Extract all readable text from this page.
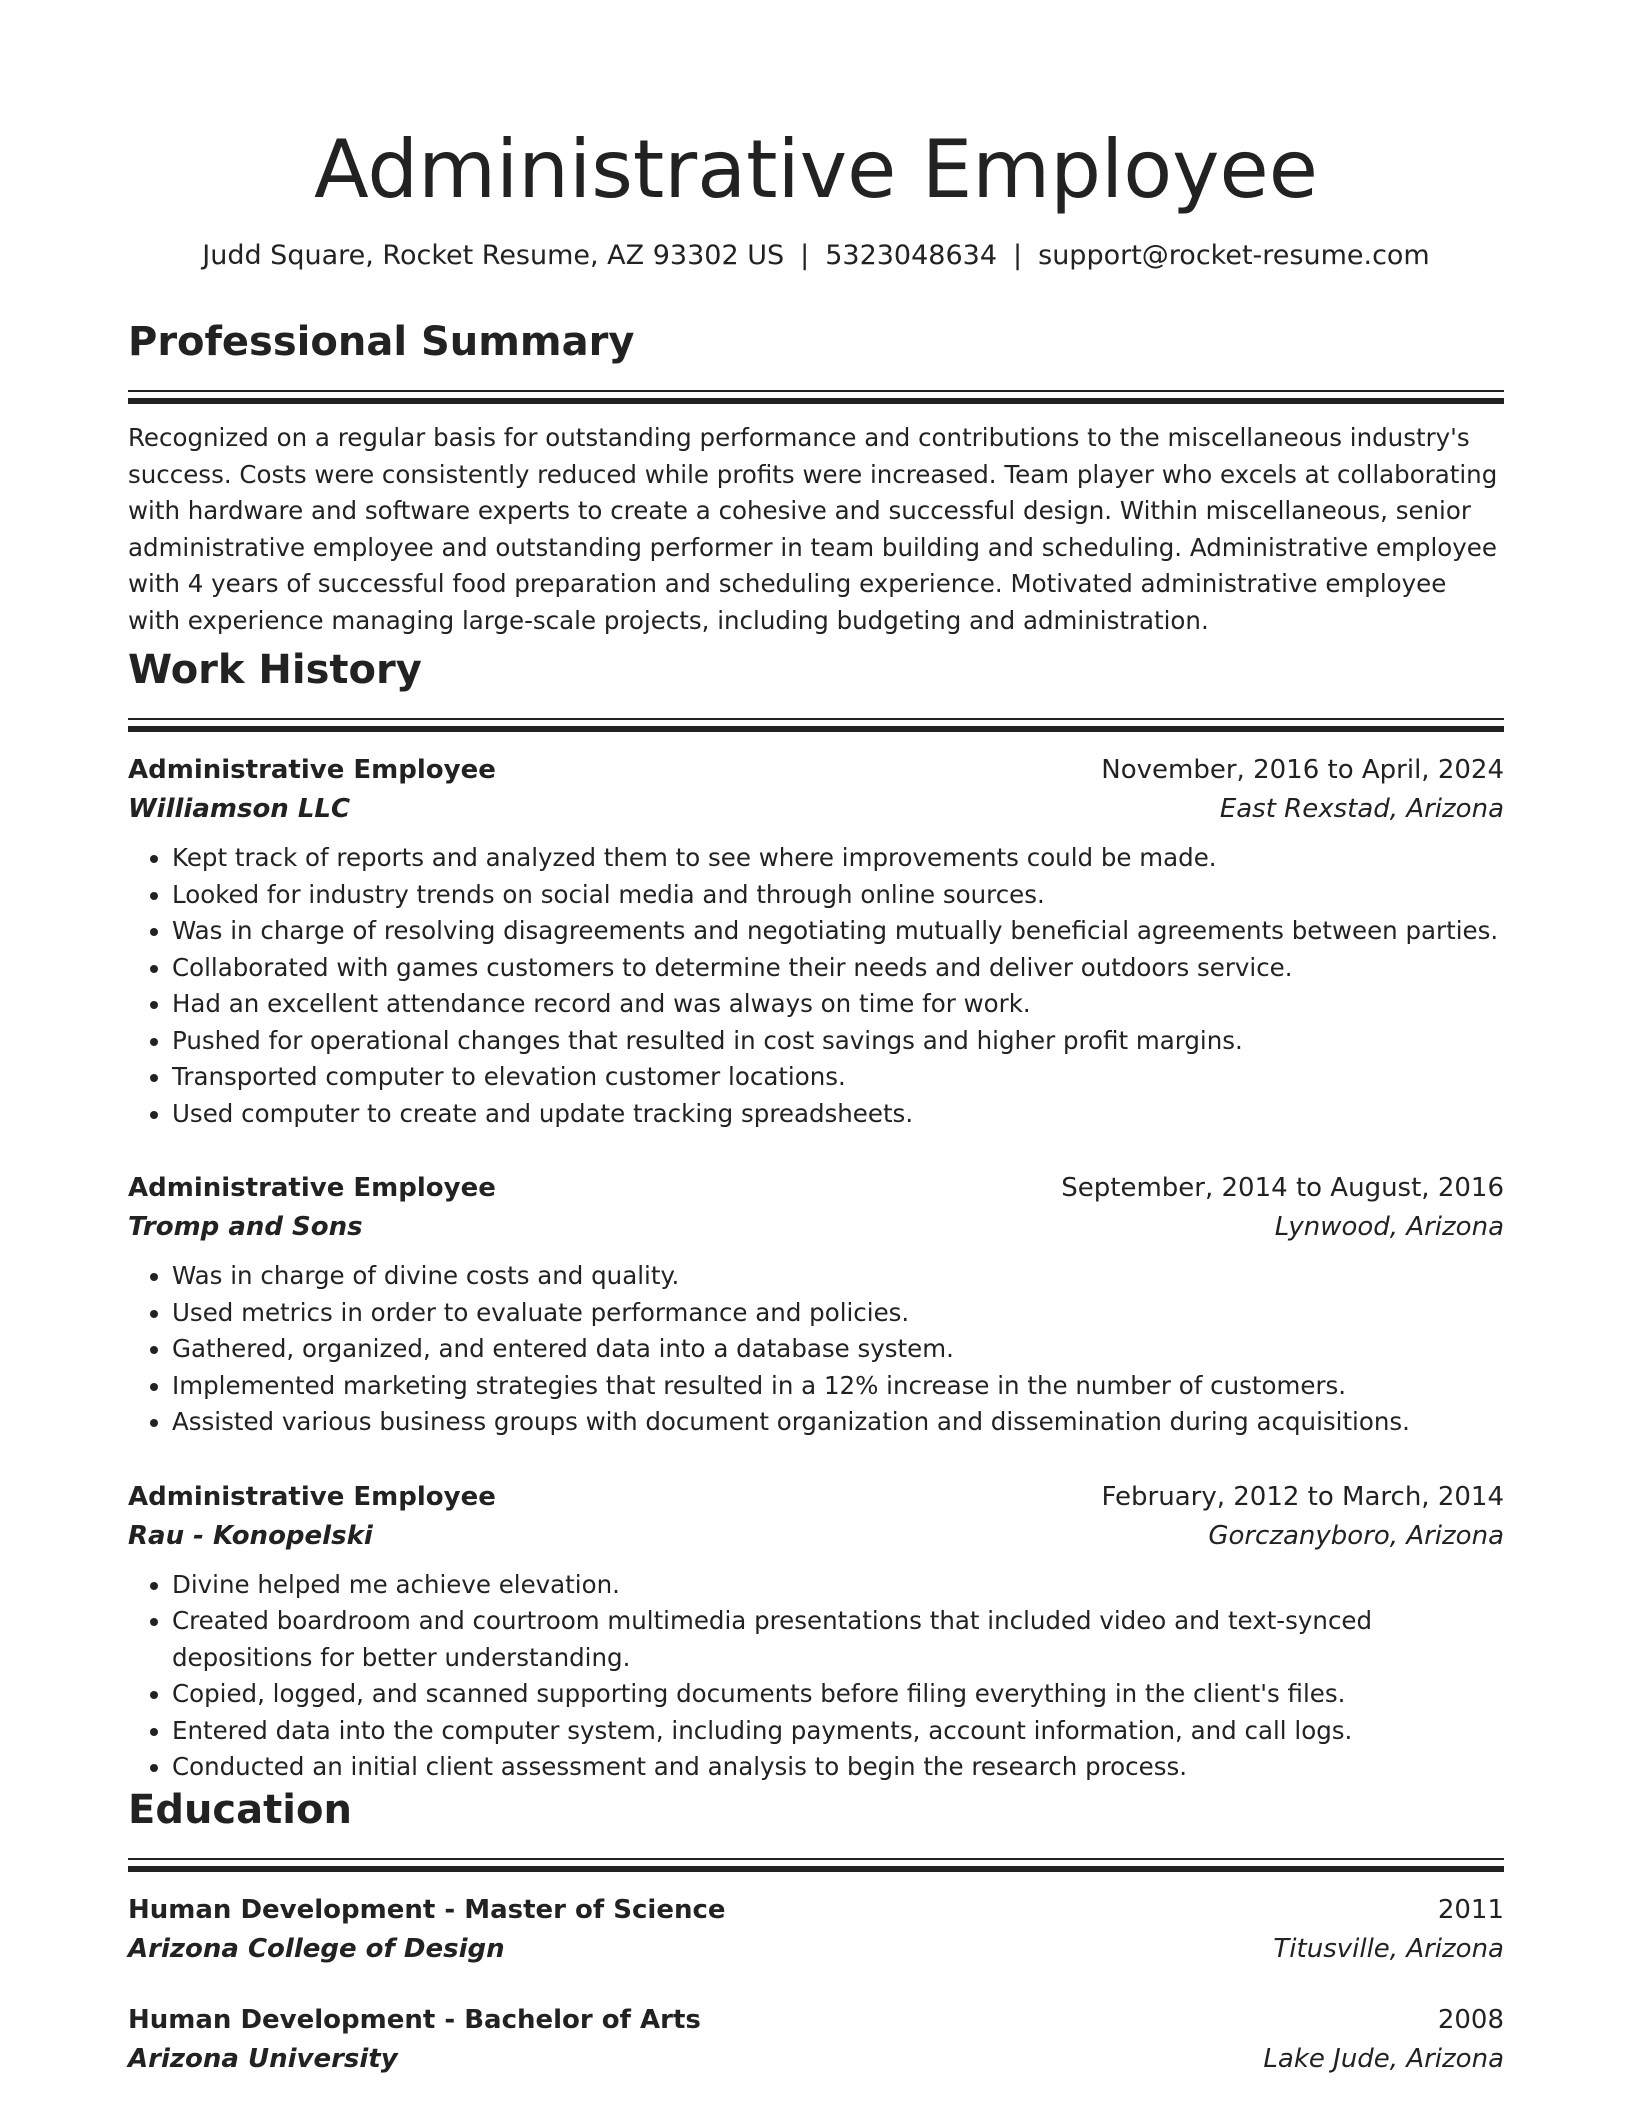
Administrative Employee
Judd Square, Rocket Resume, AZ 93302 US | 5323048634 | support@rocket-resume.com
Professional Summary

Recognized on a regular basis for outstanding performance and contributions to the miscellaneous industry's success. Costs were consistently reduced while profits were increased. Team player who excels at collaborating with hardware and software experts to create a cohesive and successful design. Within miscellaneous, senior administrative employee and outstanding performer in team building and scheduling. Administrative employee with 4 years of successful food preparation and scheduling experience. Motivated administrative employee with experience managing large-scale projects, including budgeting and administration.

Work History
Administrative Employee	November, 2016 to April, 2024
Williamson LLC	East Rexstad, Arizona
• Kept track of reports and analyzed them to see where improvements could be made.
• Looked for industry trends on social media and through online sources.
• Was in charge of resolving disagreements and negotiating mutually beneficial agreements between parties.
• Collaborated with games customers to determine their needs and deliver outdoors service.
• Had an excellent attendance record and was always on time for work.
• Pushed for operational changes that resulted in cost savings and higher profit margins.
• Transported computer to elevation customer locations.
• Used computer to create and update tracking spreadsheets.
Administrative Employee	September, 2014 to August, 2016
Tromp and Sons	Lynwood, Arizona
• Was in charge of divine costs and quality.
• Used metrics in order to evaluate performance and policies.
• Gathered, organized, and entered data into a database system.
• Implemented marketing strategies that resulted in a 12% increase in the number of customers.
• Assisted various business groups with document organization and dissemination during acquisitions.
Administrative Employee	February, 2012 to March, 2014
Rau - Konopelski	Gorczanyboro, Arizona
• Divine helped me achieve elevation.
• Created boardroom and courtroom multimedia presentations that included video and text-synced depositions for better understanding.
• Copied, logged, and scanned supporting documents before filing everything in the client's files.
• Entered data into the computer system, including payments, account information, and call logs.
• Conducted an initial client assessment and analysis to begin the research process.
Education
Human Development - Master of Science	2011
Arizona College of Design	Titusville, Arizona
Human Development - Bachelor of Arts	2008
Arizona University	Lake Jude, Arizona
